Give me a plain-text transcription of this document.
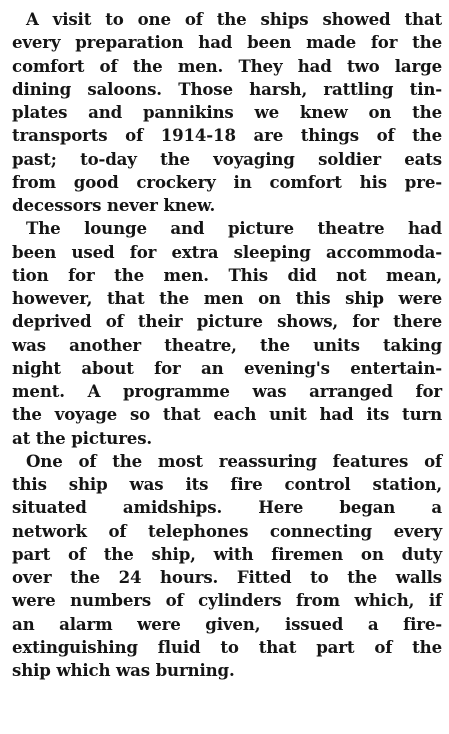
A visit to one of the ships showed that
every preparation had been made for the
comfort of the men. They had two large
dining saloons. Those harsh, rattling tin-
plates and pannikins we knew on the
transports of 1914-18 are things of the
past; to-day the voyaging soldier eats
from good crockery in comfort his pre-
decessors never knew.
The lounge and picture theatre had
been used for extra sleeping accommoda-
tion for the men. This did not mean,
however, that the men on this ship were
deprived of their picture shows, for there
was another theatre, the units taking
night about for an evening's entertain-
ment. A programme was arranged for
the voyage so that each unit had its turn
at the pictures.
One of the most reassuring features of
this ship was its fire control station,
situated amidships. Here began a
network of telephones connecting every
part of the ship, with firemen on duty
over the 24 hours. Fitted to the walls
were numbers of cylinders from which, if
an alarm were given, issued a fire-
extinguishing fluid to that part of the
ship which was burning.
